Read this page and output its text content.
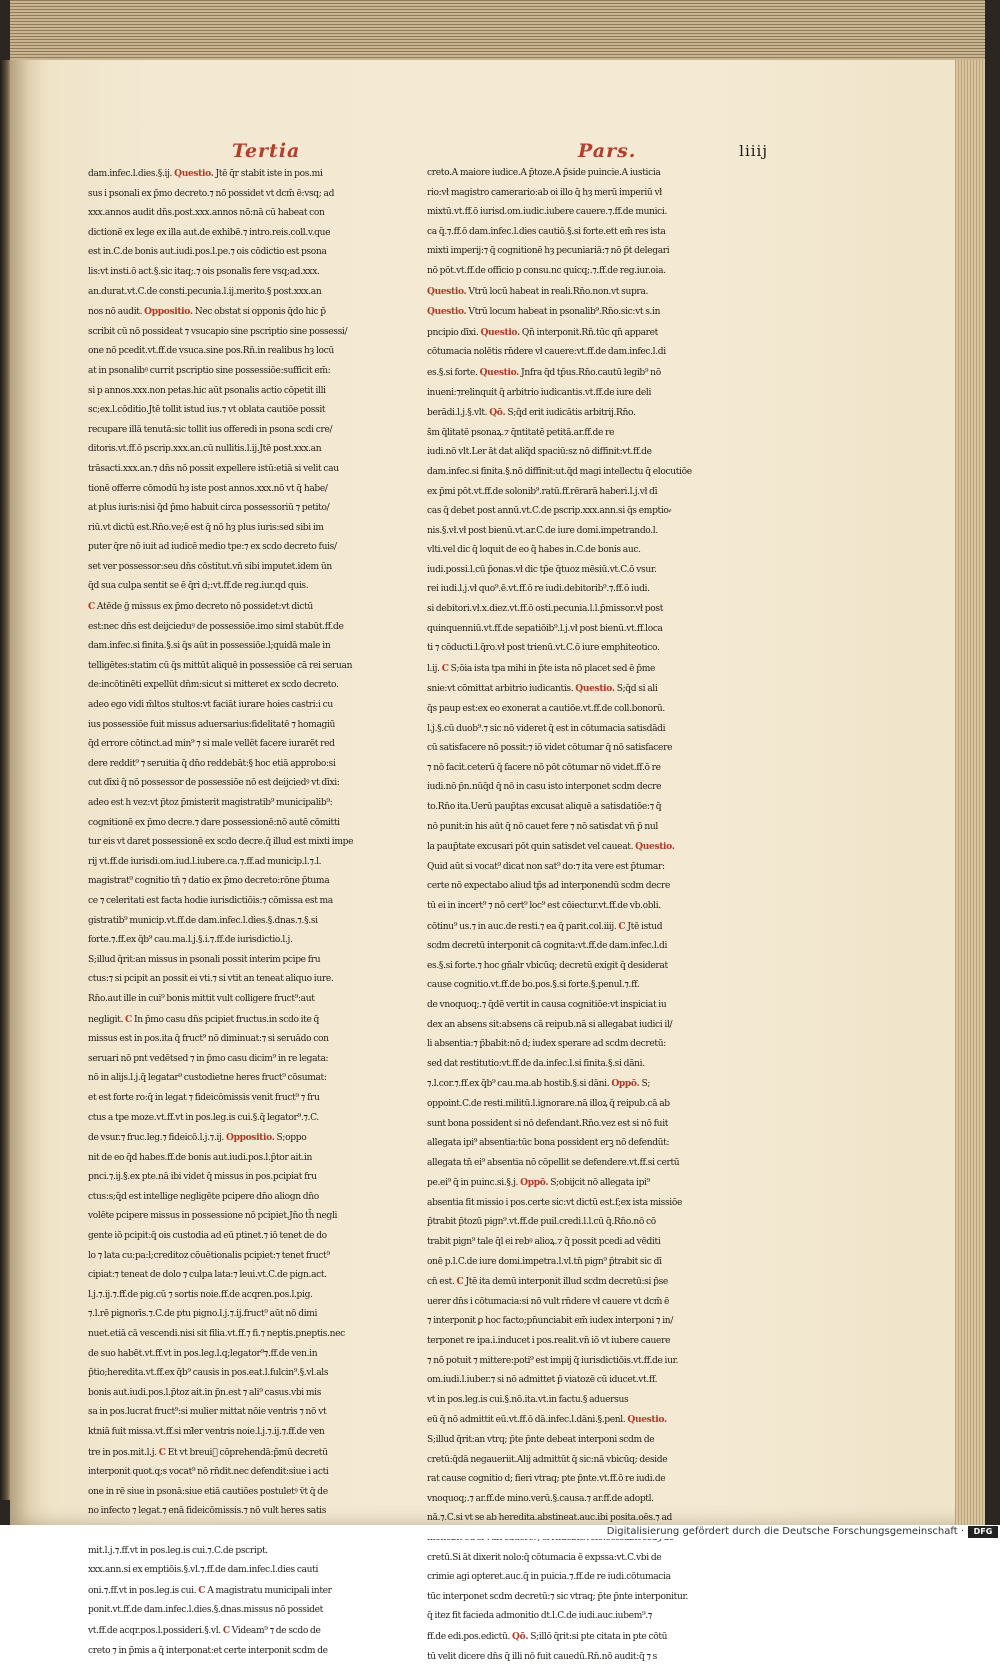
Tertia	Pars.	liiij

dam.infec.l.dies.§.ij. Questio. Jtē q̄r stabit iste in pos.mi

sus i psonali ex p̄mo decreto.⁊ nō possidet vt dcm̄ ē:vsq; ad

xxx.annos audit dn̄s.post.xxx.annos nō:nā cū habeat con

dictionē ex lege ex illa aut.de exhibē.⁊ intro.reis.coll.v.que

est in.C.de bonis aut.iudi.pos.l.pe.⁊ ois cōdictio est psona

lis:vt insti.ō act.§.sic itaq;.⁊ ois psonalis fere vsq;ad.xxx.

an.durat.vt.C.de consti.pecunia.l.ij.merito.§ post.xxx.an

nos nō audit. Oppositio. Nec obstat si opponis q̄do hic p̄

scribit cū nō possideat ⁊ vsucapio sine pscriptio sine possessi/

one nō pcedit.vt.ff.de vsuca.sine pos.Rn̄.in realibus hȝ locū

at in psonalibꝰ currit pscriptio sine possessiōe:sufficit em̄:

si p annos.xxx.non petas.hic aūt psonalis actio cōpetit illi

sc;ex.l.cōditio.Jtē tollit istud ius.⁊ vt oblata cautiōe possit

recupare illā tenutā:sic tollit ius offeredi in psona scdi cre/

ditoris.vt.ff.ō pscrip.xxx.an.cū nullitis.l.ij.Jtē post.xxx.an

trāsacti.xxx.an.⁊ dn̄s nō possit expellere istū:etiā si velit cau

tionē offerre cōmodū hȝ iste post annos.xxx.nō vt q̄ habe/

at plus iuris:nisi q̄d p̄mo habuit circa possessoriū ⁊ petito/

riū.vt dictū est.Rn̄o.ve;ē est q̄ nō hȝ plus iuris:sed sibi im

puter q̄re nō iuit ad iudicē medio tpe:⁊ ex scdo decreto fuis/

set ver possessor:seu dn̄s cōstitut.vn̄ sibi imputet.idem ūn

q̄d sua culpa sentit se ē q̄ri d;:vt.ff.de reg.iur.qd quis.

C Atēde g̃ missus ex p̄mo decreto nō possidet:vt dictū

est:nec dn̄s est deijcieduꝰ de possessiōe.imo simł stabūt.ff.de

dam.infec.si finita.§.si q̄s aūt in possessiōe.l;quidā male in

telligētes:statim cū q̄s mittūt aliquē in possessiōe cā rei seruan

de:incōtinēti expellūt dn̄m:sicut si mitteret ex scdo decreto.

adeo ego vidi m̄ltos stultos:vt faciāt iurare hoies castri:i cu

ius possessiōe fuit missus aduersarius:fidelitatē ⁊ homagiū

q̄d errore cōtinct.ad min⁹ ⁊ si male vellēt facere iurarēt red

dere reddit⁹ ⁊ seruitia q̄ dn̄o reddebāt:§ hoc etiā approbo:si

cut dīxi q̄ nō possessor de possessiōe nō est deijciedꝰ vt dīxi:

adeo est h vez:vt p̄toz p̄misterit magistratib⁹ municipalib⁹:

cognitionē ex p̄mo decre.⁊ dare possessionē:nō autē cōmitti

tur eis vt daret possessionē ex scdo decre.q̄ illud est mixti impe

rij vt.ff.de iurisdi.om.iud.l.iubere.ca.⁊.ff.ad municip.l.⁊.l.

magistrat⁹ cognitio tn̄ ⁊ datio ex p̄mo decreto:rōne p̄tuma

ce ⁊ celeritati est facta hodie iurisdictiōis:⁊ cōmissa est ma

gistratib⁹ municip.vt.ff.de dam.infec.l.dies.§.dnas.⁊.§.si

forte.⁊.ff.ex q̄b⁹ cau.ma.l.j.§.i.⁊.ff.de iurisdictio.l.j.

S;illud q̄rit:an missus in psonali possit interim pcipe fru

ctus:⁊ si pcipit an possit ei vti.⁊ si vtit an teneat aliquo iure.

Rn̄o.aut ille in cui⁹ bonis mittit vult colligere fruct⁹:aut

negligit. C In p̄mo casu dn̄s pcipiet fructus.in scdo ite q̄

missus est in pos.ita q̄ fruct⁹ nō diminuat:⁊ si seruādo con

seruari nō pnt vedētsed ⁊ in p̄mo casu dicim⁹ in re legata:

nō in alijs.l.j.q̄ legatar⁹ custodietne heres fruct⁹ cōsumat:

et est forte ro:q̄ in legat ⁊ fideicōmissis venit fruct⁹ ⁊ fru

ctus a tpe moze.vt.ff.vt in pos.leg.is cui.§.q̄ legator⁹.⁊.C.

de vsur.⁊ fruc.leg.⁊ fideicō.l.j.⁊.ij. Oppositio. S;oppo

nit de eo q̄d habes.ff.de bonis aut.iudi.pos.l.p̄tor ait.in

pnci.⁊.ij.§.ex pte.nā ibi videt q̄ missus in pos.pcipiat fru

ctus:s;q̄d est intellige negligēte pcipere dn̄o aliogn dn̄o

volēte pcipere missus in possessione nō pcipiet.Jn̄o th̄ negli

gente iō pcipit:q̄ ois custodia ad eū ptinet.⁊ iō tenet de do

lo ⁊ lata cu:pa:l;creditoz cōuētionalis pcipiet:⁊ tenet fruct⁹

cipiat:⁊ teneat de dolo ⁊ culpa lata:⁊ leui.vt.C.de pign.act.

l.j.⁊.ij.⁊.ff.de pig.cū ⁊ sortis noie.ff.de acqren.pos.l.pig.

⁊.l.rē pignorīs.⁊.C.de ptu pigno.l.j.⁊.ij.fruct⁹ aūt nō dimi

nuet.etiā cā vescendi.nisi sit filia.vt.ff.⁊ fi.⁊ neptis.pneptis.nec

de suo habēt.vt.ff.vt in pos.leg.l.q;legator⁹⁊.ff.de ven.in

p̄tio;heredita.vt.ff.ex q̄b⁹ causis in pos.eat.l.fulcin⁹.§.vl.als

bonis aut.iudi.pos.l.p̄toz ait.in p̄n.est ⁊ ali⁹ casus.vbi mis

sa in pos.lucrat fruct⁹:si mulier mittat nōie ventris ⁊ nō vt

ktniā fuit missa.vt.ff.si mł̄er ventris noie.l.j.⁊.ij.⁊.ff.de ven

tre in pos.mit.l.j. C Et vt breuiᷓ cōprehendā:p̄mū decretū

interponit quot.q;s vocat⁹ nō rn̄dit.nec defendit:siue i acti

one in rē siue in psonā:siue etiā cautiōes postuletꝰ v̄t q̄ de

no infecto ⁊ legat.⁊ enā fideicōmissis.⁊ nō vult heres satis

mit.l.j.⁊.ff.vt in pos.leg.is cui.⁊.C.de pscript.

xxx.ann.si ex emptiōis.§.vl.⁊.ff.de dam.infec.l.dies cauti

oni.⁊.ff.vt in pos.leg.is cui. C A magistratu municipali inter

ponit.vt.ff.de dam.infec.l.dies.§.dnas.missus nō possidet

vt.ff.de acqr.pos.l.possideri.§.vl. C Videam⁹ ⁊ de scdo de

creto ⁊ in p̄mis a q̄ interponat:et certe interponit scdm de

creto.A maiore iudice.A p̄toze.A p̄side puincie.A iusticia

rio:vł magistro camerario:ab oi illo q̄ hȝ merū imperiū vł

mixtū.vt.ff.ō iurisd.om.iudic.iubere cauere.⁊.ff.de munici.

ca q̄.⁊.ff.ō dam.infec.l.dies cautiō.§.si forte.ett em̄ res ista

mixti imperij:⁊ q̄ cognitionē hȝ pecuniariā:⁊ nō p̄t delegari

nō pōt.vt.ff.de officio p consu.nc quicq;.⁊.ff.de reg.iur.oia.

Questio. Vtrū locū habeat in reali.Rn̄o.non.vt supra.

Questio. Vtrū locum habeat in psonalib⁹.Rn̄o.sic:vt s.in

pncipio dīxi. Questio. Qn̄ interponit.Rn̄.tūc qn̄ apparet

cōtumacia nolētis rn̄dere vł cauere:vt.ff.de dam.infec.l.di

es.§.si forte. Questio. Jnfra q̄d tp̄us.Rn̄o.cautū legib⁹ nō

inueni:⁊relinquit q̄ arbitrio iudicantis.vt.ff.de iure deli

berādi.l.j.§.vlt. Qō. S;q̄d erit iudicātis arbitrij.Rn̄o.

s̄m q̄litatē psonaꝝ.⁊ q̄ntitatē petitā.ar.ff.de re

iudi.nō vlt.Ler āt dat aliq̄d spaciū:sz nō diffinit:vt.ff.de

dam.infec.si finita.§.nō diffinit:ut.q̄d magi intellectu q̄ elocutiōe

ex p̄mi pōt.vt.ff.de solonib⁹.ratū.ff.rērarā haberi.l.j.vł dī

cas q̄ debet post annū.vt.C.de pscrip.xxx.ann.si q̄s emptio⸗

nis.§.vł.vł post bienū.vt.ar.C.de iure domi.impetrando.l.

vlti.vel dic q̄ loquit de eo q̄ habes in.C.de bonis auc.

iudi.possi.l.cū p̄onas.vł dic tp̄e q̄tuoz mēsiū.vt.C.ō vsur.

rei iudi.l.j.vł quo⁹.ē.vt.ff.ō re iudi.debitorib⁹.⁊.ff.ō iudi.

si debitori.vł.x.diez.vt.ff.ō osti.pecunia.l.l.p̄missor.vł post

quinquenniū.vt.ff.de sepatiōib⁹.l.j.vł post bienū.vt.ff.loca

ti ⁊ cōducti.l.q̄ro.vł post trienū.vt.C.ō iure emphiteotico.

l.ij. C S;ōia ista tpa mihi in p̄te ista nō placet sed ē p̄me

snie:vt cōmittat arbitrio iudicantis. Questio. S;q̄d si ali

q̄s paup est:ex eo exonerat a cautiōe.vt.ff.de coll.bonorū.

l.j.§.cū duob⁹.⁊ sic nō videret q̄ est in cōtumacia satisdādi

cū satisfacere nō possit:⁊ iō videt cōtumar q̄ nō satisfacere

⁊ nō facit.ceterū q̄ facere nō pōt cōtumar nō videt.ff.ō re

iudi.nō p̄n.nūq̄d q̄ nō in casu isto interponet scdm decre

to.Rn̄o ita.Uerū paup̄tas excusat aliquē a satisdatiōe:⁊ q̄

nō punit:in his aūt q̄ nō cauet fere ⁊ nō satisdat vn̄ p̄ nul

la paup̄tate excusari pōt quin satisdet vel caueat. Questio.

Quid aūt si vocat⁹ dicat non sat⁹ do:⁊ ita vere est p̄tumar:

certe nō expectabo aliud tp̄s ad interponendū scdm decre

tū ei in incert⁹ ⁊ nō cert⁹ loc⁹ est cōiectur.vt.ff.de vb.obli.

cōtinu⁹ us.⁊ in auc.de resti.⁊ ea q̄ parit.col.iiij. C Jtē istud

scdm decretū interponit cā cognita:vt.ff.de dam.infec.l.di

es.§.si forte.⁊ hoc gn̄alr vbicūq; decretū exigit q̄ desiderat

cause cognitio.vt.ff.de bo.pos.§.si forte.§.penul.⁊.ff.

de vnoquoq;.⁊ q̄dē vertit in causa cognitiōe:vt inspiciat iu

dex an absens sit:absens cā reipub.nā si allegabat iudici il/

li absentia:⁊ p̄babit:nō d; iudex sperare ad scdm decretū:

sed dat restitutio:vt.ff.de da.infec.l.si finita.§.si dāni.

⁊.l.cor.⁊.ff.ex q̄b⁹ cau.ma.ab hostib.§.si dāni. Oppō. S;

oppoint.C.de resti.militū.l.ignorare.nā illoꝝ q̄ reipub.cā ab

sunt bona possident si nō defendant.Rn̄o.vez est si nō fuit

allegata ipi⁹ absentia:tūc bona possident erꝫ nō defendūt:

allegata tn̄ ei⁹ absentia nō cōpellit se defendere.vt.ff.si certū

pe.ei⁹ q̄ in puinc.si.§.j. Oppō. S;obijcit nō allegata ipi⁹

absentia fit missio i pos.certe sic:vt dictū est.f;ex ista missiōe

p̄trabit p̄tozū pign⁹.vt.ff.de puil.credi.l.l.cū q̄.Rn̄o.nō cō

trabit pign⁹ tale q̄l ei rebꝰ alioꝝ.⁊ q̄ possit pcedi ad vēditi

onē p.l.C.de iure domi.impetra.l.vl.tn̄ pign⁹ p̄trabit sic dī

cn̄ est. C Jtē ita demū interponit illud scdm decretū:si p̄se

uerer dn̄s i cōtumacia:si nō vult rn̄dere vł cauere vt dcm̄ ē

⁊ interponit ꝑ hoc facto;pn̄unciabit em̄ iudex interponi ⁊ in/

terponet re ipa.i.inducet i pos.realit.vn̄ iō vt iubere cauere

⁊ nō potuit ⁊ mittere:poti⁹ est impij q̄ iurisdictiōis.vt.ff.de iur.

om.iudi.l.iuber.⁊ si nō admittet p̄ viatozē cū iducet.vt.ff.

vt in pos.leg.is cui.§.nō.ita.vt.in factu.§ aduersus

eū q̄ nō admittit eū.vt.ff.ō dā.infec.l.dāni.§.penl. Questio.

S;illud q̄rit:an vtrq; p̄te p̄nte debeat interponi scdm de

cretū:q̄dā negaueriit.Alij admittūt q̄ sic:nā vbicūq; deside

rat cause cognitio d; fieri vtraq; pte p̄nte.vt.ff.ō re iudi.de

vnoquoq;.⁊ ar.ff.de mino.verū.§.causa.⁊ ar.ff.de adoptl.

nā.⁊.C.si vt se ab heredita.abstineat.auc.ibi posita.oēs.⁊ ad

cretū.Si āt dixerit nolo:q̄ cōtumacia ē expssa:vt.C.vbi de

crimie agi opteret.auc.q̄ in puicia.⁊.ff.de re iudi.cōtumacia

tūc interponet scdm decretū:⁊ sic vtraq; p̄te p̄nte interponitur.

q̄ itez fit facieda admonitio dt.l.C.de iudi.auc.iubem⁹.⁊

ff.de edi.pos.edictū. Qō. S;illō q̄rit:si pte citata in pte cōtū

tū velit dicere dn̄s q̄ illi nō fuit cauedū.Rn̄.nō audit:q̄ ⁊ s

Digitalisierung gefördert durch die Deutsche Forschungsgemeinschaft ·	DFG
